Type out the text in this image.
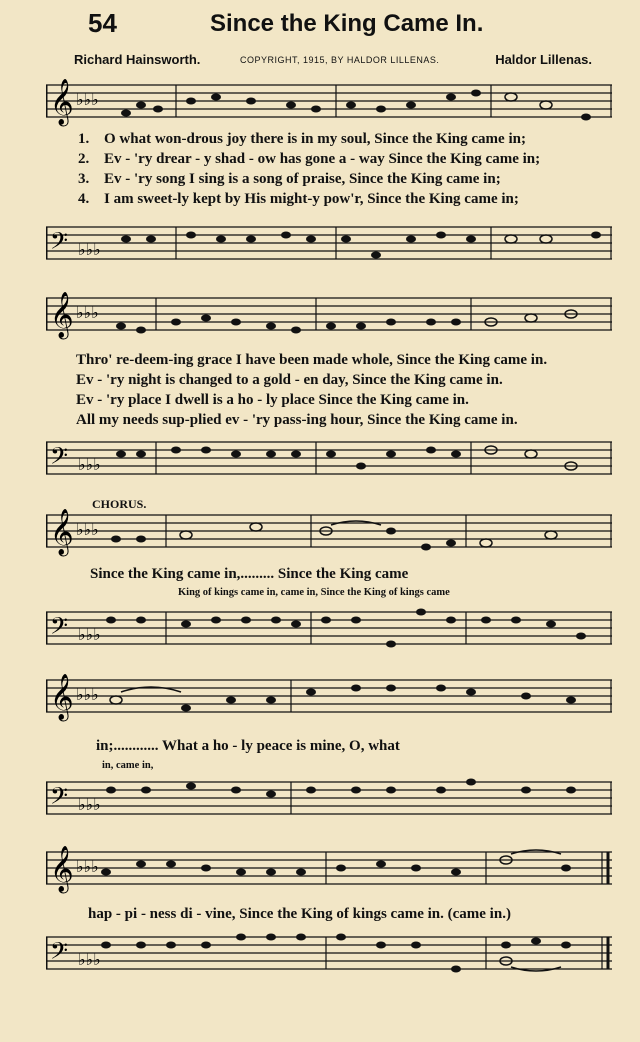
54	Since the King Came In.
Richard Hainsworth.	COPYRIGHT, 1915, BY HALDOR LILLENAS.	Haldor Lillenas.
𝄞 ♭♭♭
1. O what won-drous joy there is in my soul, Since the King came in;
2. Ev - 'ry drear - y shad - ow has gone a - way Since the King came in;
3. Ev - 'ry song I sing is a song of praise, Since the King came in;
4. I am sweet-ly kept by His might-y pow'r, Since the King came in;
𝄢 ♭♭♭
𝄞 ♭♭♭
Thro' re-deem-ing grace I have been made whole, Since the King came in.
Ev - 'ry night is changed to a gold - en day, Since the King came in.
Ev - 'ry place I dwell is a ho - ly place Since the King came in.
All my needs sup-plied ev - 'ry pass-ing hour, Since the King came in.
𝄢 ♭♭♭
CHORUS.
𝄞 ♭♭♭
Since the King came in,......... Since the King came
King of kings came in, came in, Since the King of kings came
𝄢 ♭♭♭
𝄞 ♭♭♭
in;............ What a ho - ly peace is mine, O, what
in, came in,
𝄢 ♭♭♭
𝄞 ♭♭♭
hap - pi - ness di - vine, Since the King of kings came in. (came in.)
𝄢 ♭♭♭
